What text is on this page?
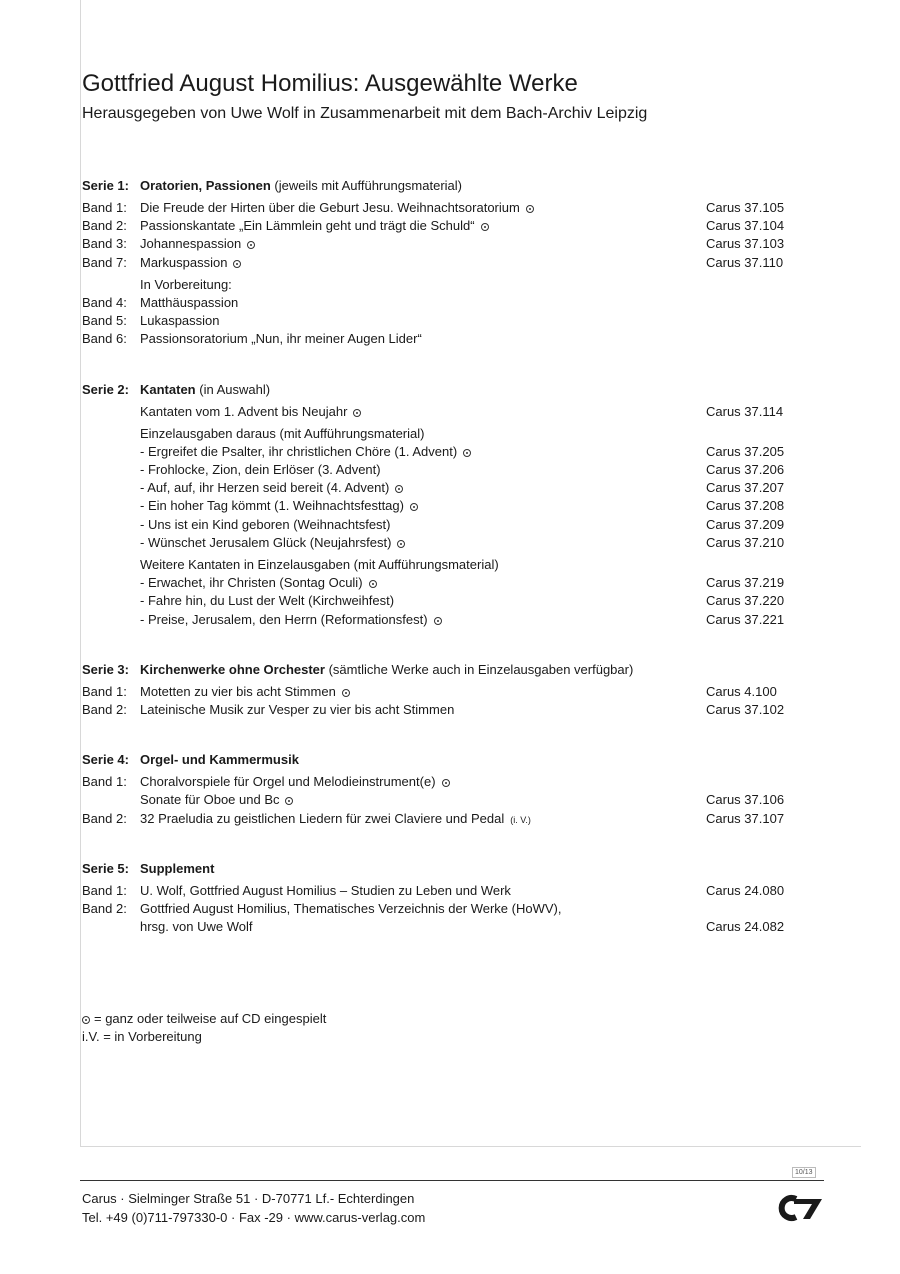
Gottfried August Homilius: Ausgewählte Werke
Herausgegeben von Uwe Wolf in Zusammenarbeit mit dem Bach-Archiv Leipzig
Serie 1: Oratorien, Passionen (jeweils mit Aufführungsmaterial)
Band 1:	Die Freude der Hirten über die Geburt Jesu. Weihnachtsoratorium	Carus 37.105
Band 2:	Passionskantate „Ein Lämmlein geht und trägt die Schuld“	Carus 37.104
Band 3:	Johannespassion	Carus 37.103
Band 7:	Markuspassion	Carus 37.110
In Vorbereitung:
Band 4:	Matthäuspassion
Band 5:	Lukaspassion
Band 6:	Passionsoratorium „Nun, ihr meiner Augen Lider“
Serie 2: Kantaten (in Auswahl)
Kantaten vom 1. Advent bis Neujahr	Carus 37.114
Einzelausgaben daraus (mit Aufführungsmaterial)
- Ergreifet die Psalter, ihr christlichen Chöre (1. Advent)	Carus 37.205
- Frohlocke, Zion, dein Erlöser (3. Advent)	Carus 37.206
- Auf, auf, ihr Herzen seid bereit (4. Advent)	Carus 37.207
- Ein hoher Tag kömmt (1. Weihnachtsfesttag)	Carus 37.208
- Uns ist ein Kind geboren (Weihnachtsfest)	Carus 37.209
- Wünschet Jerusalem Glück (Neujahrsfest)	Carus 37.210
Weitere Kantaten in Einzelausgaben (mit Aufführungsmaterial)
- Erwachet, ihr Christen (Sontag Oculi)	Carus 37.219
- Fahre hin, du Lust der Welt (Kirchweihfest)	Carus 37.220
- Preise, Jerusalem, den Herrn (Reformationsfest)	Carus 37.221
Serie 3: Kirchenwerke ohne Orchester (sämtliche Werke auch in Einzelausgaben verfügbar)
Band 1:	Motetten zu vier bis acht Stimmen	Carus 4.100
Band 2:	Lateinische Musik zur Vesper zu vier bis acht Stimmen	Carus 37.102
Serie 4: Orgel- und Kammermusik
Band 1:	Choralvorspiele für Orgel und Melodieinstrument(e)
Sonate für Oboe und Bc	Carus 37.106
Band 2:	32 Praeludia zu geistlichen Liedern für zwei Claviere und Pedal (i. V.)	Carus 37.107
Serie 5: Supplement
Band 1:	U. Wolf, Gottfried August Homilius – Studien zu Leben und Werk	Carus 24.080
Band 2:	Gottfried August Homilius, Thematisches Verzeichnis der Werke (HoWV),
hrsg. von Uwe Wolf	Carus 24.082
= ganz oder teilweise auf CD eingespielt
i.V. = in Vorbereitung
10/13
Carus · Sielminger Straße 51 · D-70771 Lf.- Echterdingen
Tel. +49 (0)711-797330-0 · Fax -29 · www.carus-verlag.com
